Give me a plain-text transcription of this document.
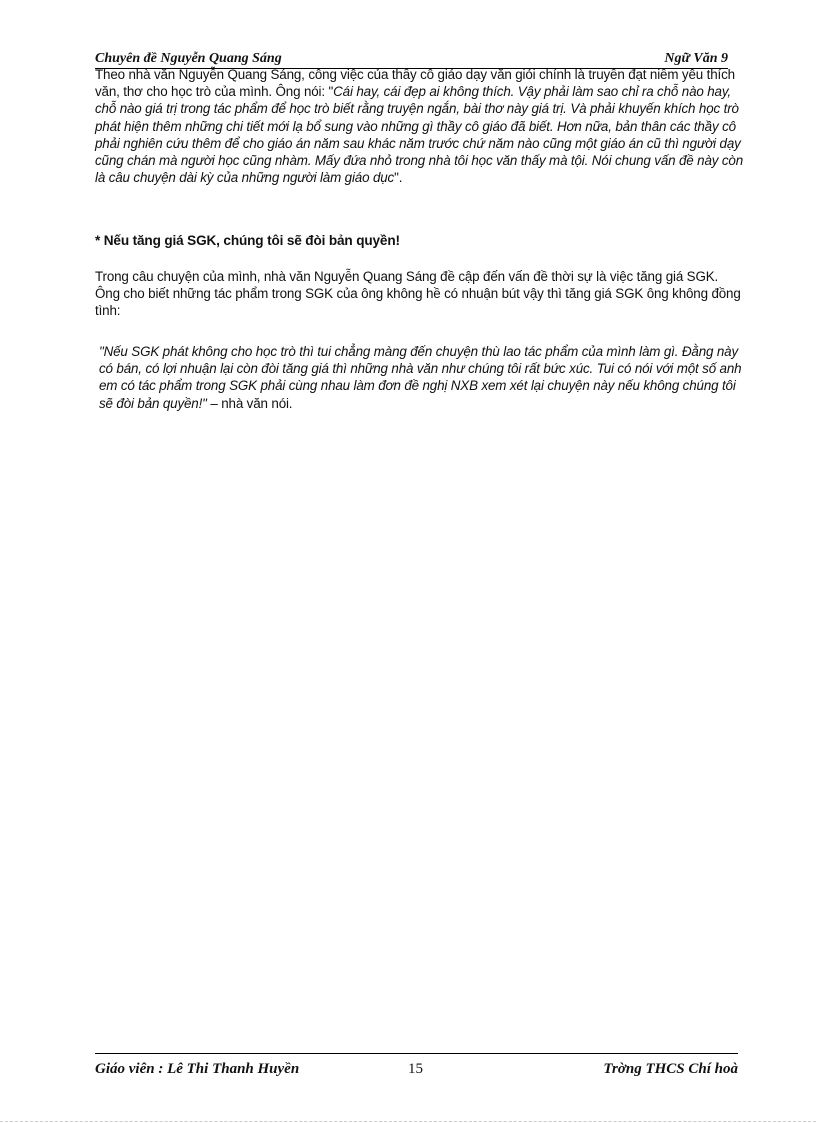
Chuyên đề Nguyễn Quang Sáng	Ngữ Văn 9
Theo nhà văn Nguyễn Quang Sáng, công việc của thầy cô giáo dạy văn giỏi chính là truyền đạt niềm yêu thích văn, thơ cho học trò của mình. Ông nói: "Cái hay, cái đẹp ai không thích. Vậy phải làm sao chỉ ra chỗ nào hay, chỗ nào giá trị trong tác phẩm để học trò biết rằng truyện ngắn, bài thơ này giá trị. Và phải khuyến khích học trò phát hiện thêm những chi tiết mới lạ bổ sung vào những gì thầy cô giáo đã biết. Hơn nữa, bản thân các thầy cô phải nghiên cứu thêm để cho giáo án năm sau khác năm trước chứ năm nào cũng một giáo án cũ thì người dạy cũng chán mà người học cũng nhàm. Mấy đứa nhỏ trong nhà tôi học văn thấy mà tội. Nói chung vấn đề này còn là câu chuyện dài kỳ của những người làm giáo dục".
* Nếu tăng giá SGK, chúng tôi sẽ đòi bản quyền!
Trong câu chuyện của mình, nhà văn Nguyễn Quang Sáng đề cập đến vấn đề thời sự là việc tăng giá SGK. Ông cho biết những tác phẩm trong SGK của ông không hề có nhuận bút vậy thì tăng giá SGK ông không đồng tình:
"Nếu SGK phát không cho học trò thì tui chẳng màng đến chuyện thù lao tác phẩm của mình làm gì. Đằng này có bán, có lợi nhuận lại còn đòi tăng giá thì những nhà văn như chúng tôi rất bức xúc. Tui có nói với một số anh em có tác phẩm trong SGK phải cùng nhau làm đơn đề nghị NXB xem xét lại chuyện này nếu không chúng tôi sẽ đòi bản quyền!" – nhà văn nói.
Giáo viên : Lê Thi Thanh Huyền	15	Trờng THCS Chí hoà
